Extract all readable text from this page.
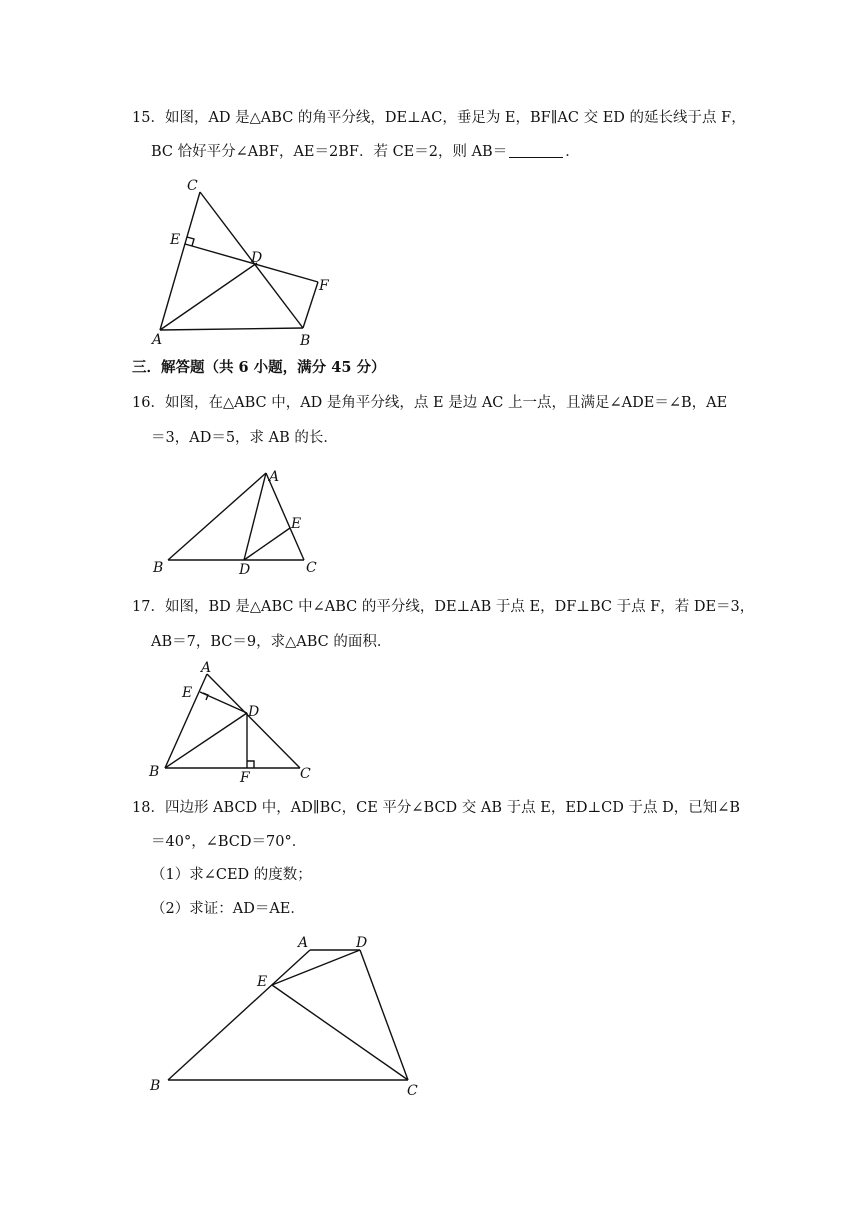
15．如图，AD 是△ABC 的角平分线，DE⊥AC，垂足为 E，BF∥AC 交 ED 的延长线于点 F，
BC 恰好平分∠ABF，AE＝2BF．若 CE＝2，则 AB＝	．
C
E
D
F
A	B
三．解答题（共 6 小题，满分 45 分）
16．如图，在△ABC 中，AD 是角平分线，点 E 是边 AC 上一点，且满足∠ADE＝∠B，AE
＝3，AD＝5，求 AB 的长．
A
E
B	D	C
17．如图，BD 是△ABC 中∠ABC 的平分线，DE⊥AB 于点 E，DF⊥BC 于点 F，若 DE＝3，
AB＝7，BC＝9，求△ABC 的面积．
A
E
D
B	F	C
18．四边形 ABCD 中，AD∥BC，CE 平分∠BCD 交 AB 于点 E，ED⊥CD 于点 D，已知∠B
＝40°，∠BCD＝70°．
（1）求∠CED 的度数；
（2）求证：AD＝AE．
A	D
E
B	C
